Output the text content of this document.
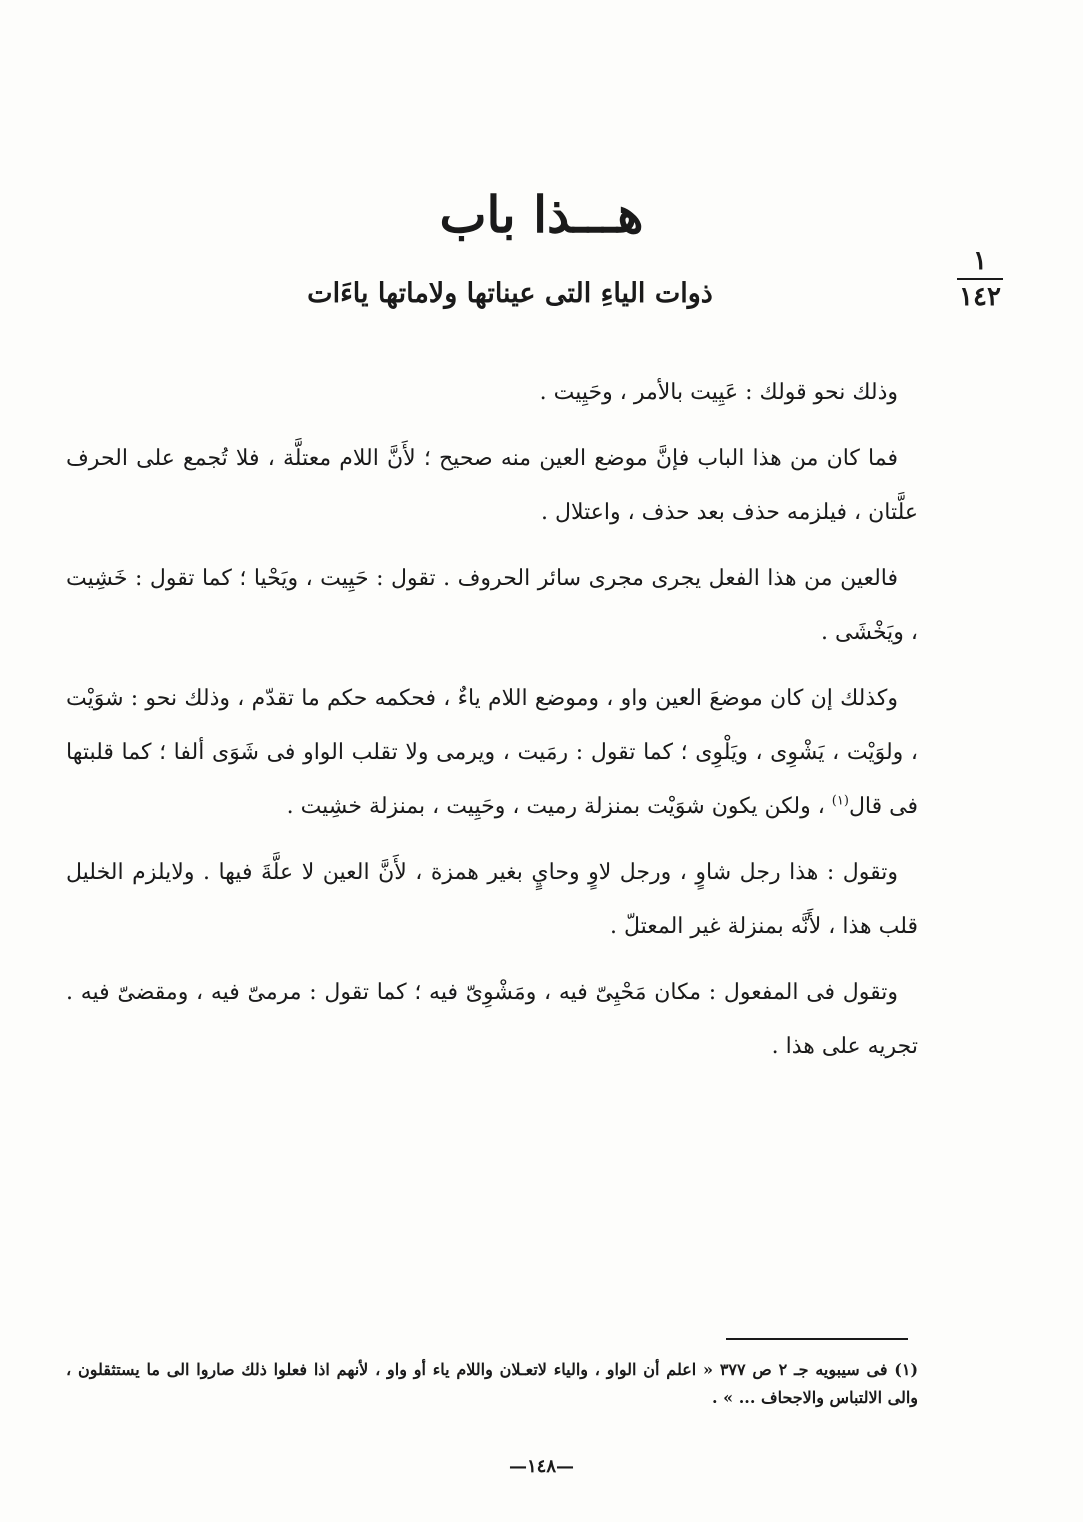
هـــذا باب
ذوات الياءِ التى عيناتها ولاماتها ياءَات
١
١٤٢

وذلك نحو قولك : عَيِيت بالأمر ، وحَيِيت .

فما كان من هذا الباب فإنَّ موضع العين منه صحيح ؛ لأَنَّ اللام معتلَّة ، فلا تُجمع على الحرف علَّتان ، فيلزمه حذف بعد حذف ، واعتلال .

فالعين من هذا الفعل يجرى مجرى سائر الحروف . تقول : حَيِيت ، ويَحْيا ؛ كما تقول : خَشِيت ، ويَخْشَى .

وكذلك إن كان موضعَ العين واو ، وموضع اللام ياءٌ ، فحكمه حكم ما تقدّم ، وذلك نحو : شوَيْت ، ولوَيْت ، يَشْوِى ، ويَلْوِى ؛ كما تقول : رمَيت ، ويرمى ولا تقلب الواو فى شَوَى ألفا ؛ كما قلبتها فى قال$^{(١)}$ ، ولكن يكون شوَيْت بمنزلة رميت ، وحَيِيت ، بمنزلة خشِيت .

وتقول : هذا رجل شاوٍ ، ورجل لاوٍ وحايٍ بغير همزة ، لأَنَّ العين لا علَّةَ فيها . ولايلزم الخليل قلب هذا ، لأَنَّه بمنزلة غير المعتلّ .

وتقول فى المفعول : مكان مَحْيِىّ فيه ، ومَشْوِىّ فيه ؛ كما تقول : مرمىّ فيه ، ومقضىّ فيه . تجريه على هذا .

(١) فى سيبويه جـ ٢ ص ٣٧٧ « اعلم أن الواو ، والياء لاتعـلان واللام ياء أو واو ، لأنهم اذا فعلوا ذلك صاروا الى ما يستثقلون ، والى الالتباس والاجحاف ... » .
—١٤٨—
